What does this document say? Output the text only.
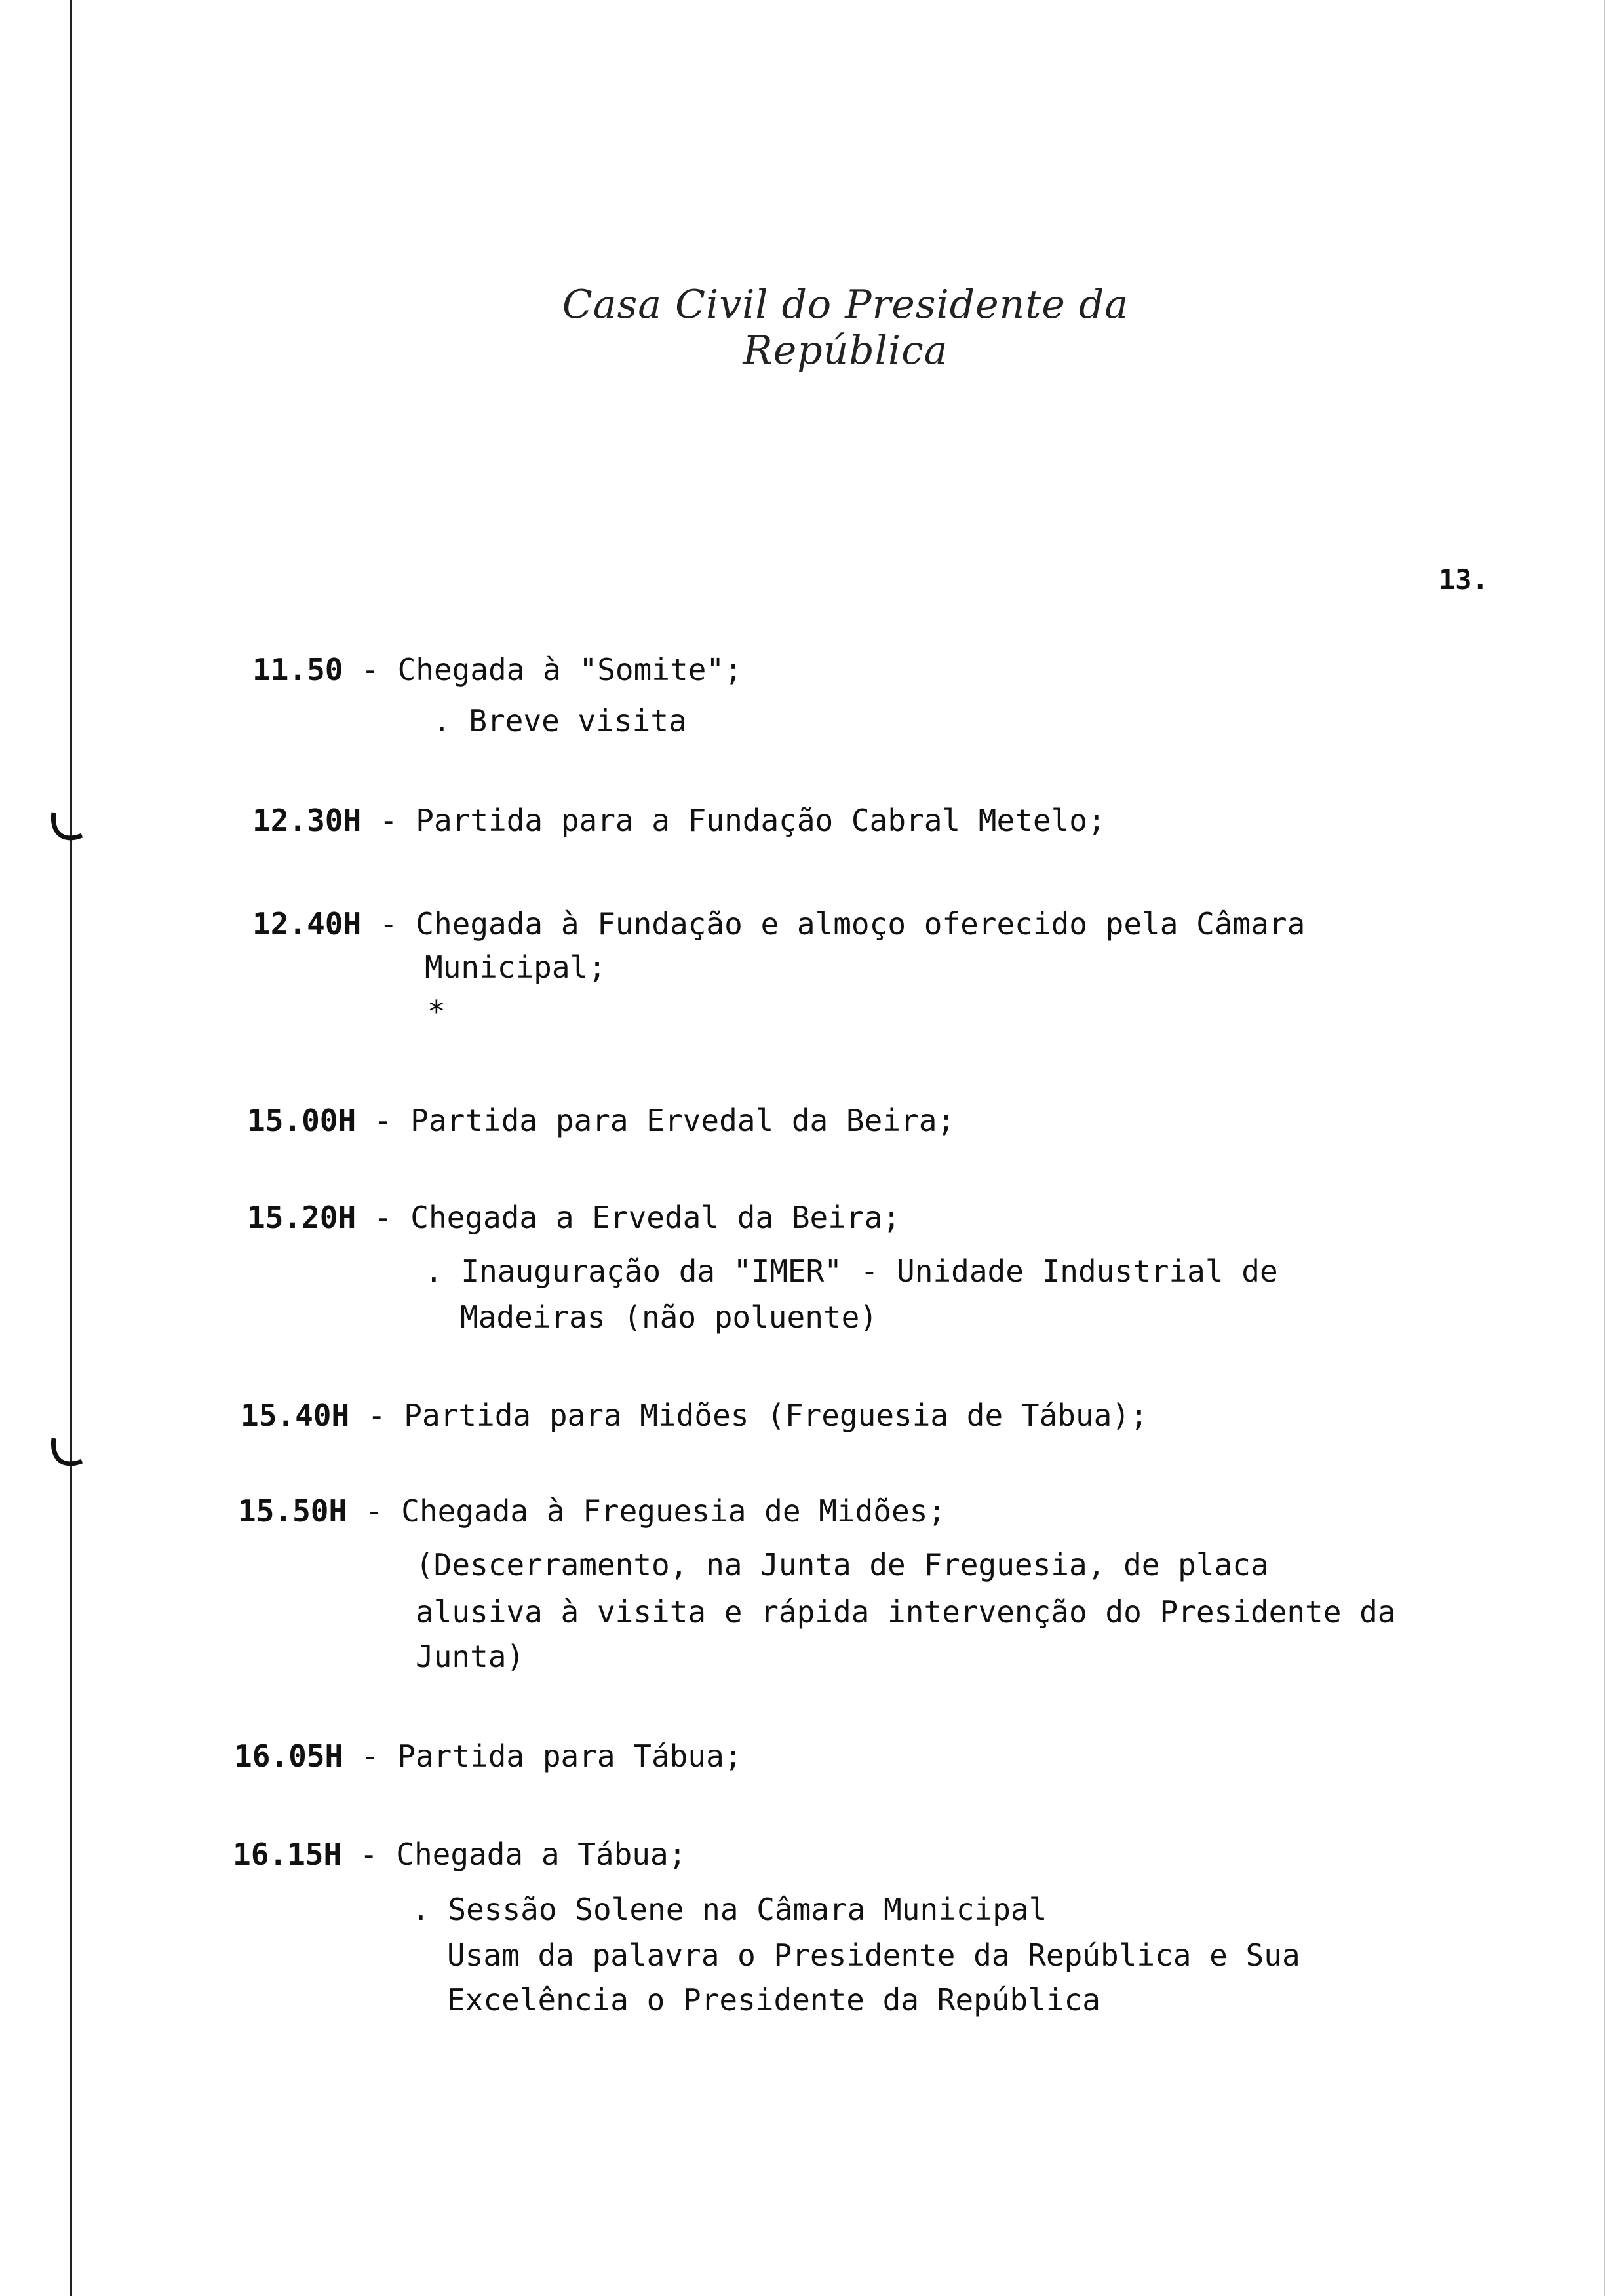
Casa Civil do Presidente da República
13.
11.50 - Chegada à "Somite";
. Breve visita
12.30H - Partida para a Fundação Cabral Metelo;
12.40H - Chegada à Fundação e almoço oferecido pela Câmara
Municipal;
*
15.00H - Partida para Ervedal da Beira;
15.20H - Chegada a Ervedal da Beira;
. Inauguração da "IMER" - Unidade Industrial de
Madeiras (não poluente)
15.40H - Partida para Midões (Freguesia de Tábua);
15.50H - Chegada à Freguesia de Midões;
(Descerramento, na Junta de Freguesia, de placa
alusiva à visita e rápida intervenção do Presidente da
Junta)
16.05H - Partida para Tábua;
16.15H - Chegada a Tábua;
. Sessão Solene na Câmara Municipal
Usam da palavra o Presidente da República e Sua
Excelência o Presidente da República
